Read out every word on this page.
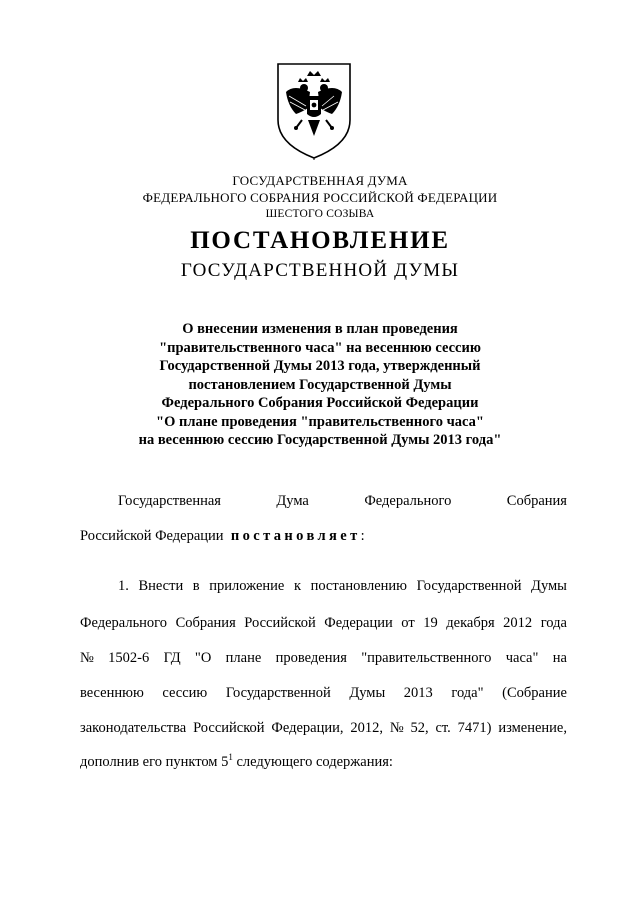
ГОСУДАРСТВЕННАЯ ДУМА
ФЕДЕРАЛЬНОГО СОБРАНИЯ РОССИЙСКОЙ ФЕДЕРАЦИИ
ШЕСТОГО СОЗЫВА
ПОСТАНОВЛЕНИЕ
ГОСУДАРСТВЕННОЙ ДУМЫ
О внесении изменения в план проведения
"правительственного часа" на весеннюю сессию
Государственной Думы 2013 года, утвержденный
постановлением Государственной Думы
Федерального Собрания Российской Федерации
"О плане проведения "правительственного часа"
на весеннюю сессию Государственной Думы 2013 года"
Государственная	Дума	Федерального	Собрания
Российской Федерации постановляет:
1. Внести в приложение к постановлению Государственной Думы
Федерального Собрания Российской Федерации от 19 декабря 2012 года
№ 1502-6 ГД "О плане проведения "правительственного часа" на
весеннюю сессию Государственной Думы 2013 года" (Собрание
законодательства Российской Федерации, 2012, № 52, ст. 7471) изменение,
дополнив его пунктом $5^1$ следующего содержания:
